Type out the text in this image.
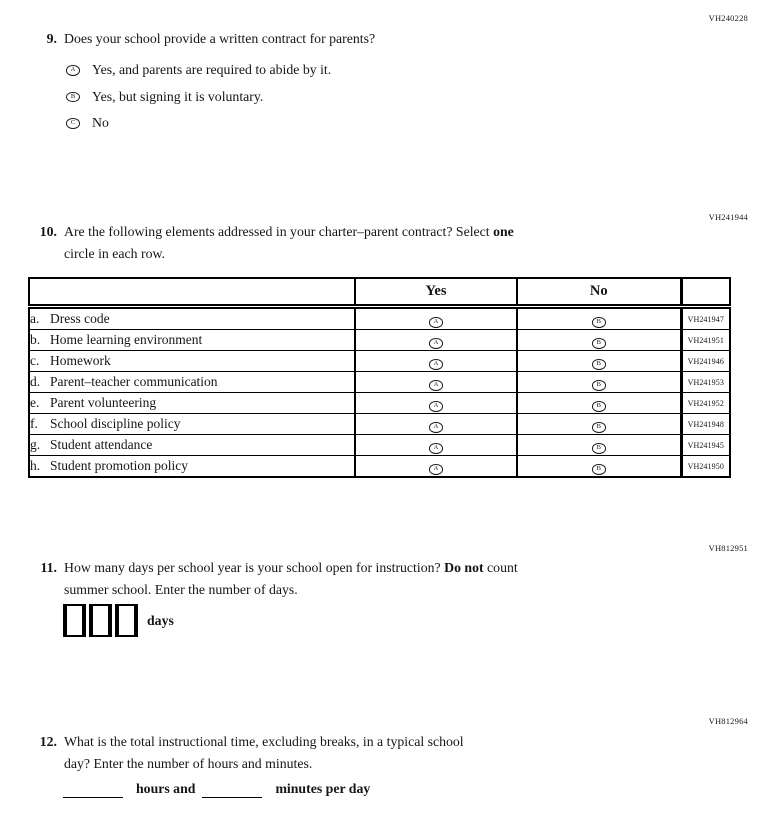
VH240228
9. Does your school provide a written contract for parents?
A	Yes, and parents are required to abide by it.
B	Yes, but signing it is voluntary.
C	No
VH241944
10. Are the following elements addressed in your charter–parent contract? Select one
circle in each row.
	Yes	No	
a. Dress code	A	B	VH241947
b. Home learning environment	A	B	VH241951
c. Homework	A	B	VH241946
d. Parent–teacher communication	A	B	VH241953
e. Parent volunteering	A	B	VH241952
f. School discipline policy	A	B	VH241948
g. Student attendance	A	B	VH241945
h. Student promotion policy	A	B	VH241950
VH812951
11. How many days per school year is your school open for instruction? Do not count
summer school. Enter the number of days.
days
VH812964
12. What is the total instructional time, excluding breaks, in a typical school
day? Enter the number of hours and minutes.
hours and	minutes per day
